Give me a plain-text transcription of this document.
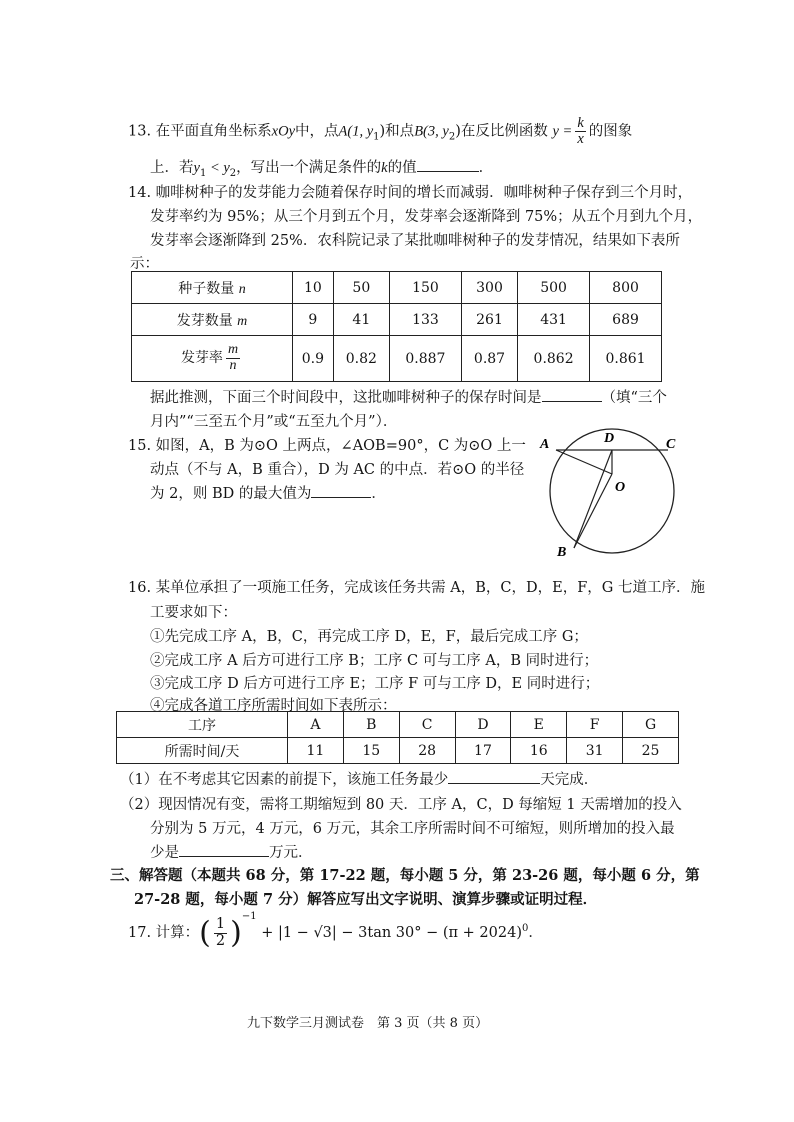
13. 在平面直角坐标系xOy中，点A(1, $y_1$)和点B(3, $y_2$)在反比例函数 $y = \frac{k}{x}$ 的图象
上．若$y_1 < y_2$，写出一个满足条件的k的值	．
14. 咖啡树种子的发芽能力会随着保存时间的增长而减弱．咖啡树种子保存到三个月时，
发芽率约为 95%；从三个月到五个月，发芽率会逐渐降到 75%；从五个月到九个月，
发芽率会逐渐降到 25%．农科院记录了某批咖啡树种子的发芽情况，结果如下表所
示：
种子数量 n	10	50	150	300	500	800
发芽数量 m	9	41	133	261	431	689
发芽率 $\frac{m}{n}$	0.9	0.82	0.887	0.87	0.862	0.861
据此推测，下面三个时间段中，这批咖啡树种子的保存时间是	（填“三个
月内”“三至五个月”或“五至九个月”）．
15. 如图，A，B 为⊙O 上两点，∠AOB=90°，C 为⊙O 上一
动点（不与 A，B 重合），D 为 AC 的中点．若⊙O 的半径
为 2，则 BD 的最大值为	．
A	D	C
O
B
16. 某单位承担了一项施工任务，完成该任务共需 A，B，C，D，E，F，G 七道工序．施
工要求如下：
①先完成工序 A，B，C，再完成工序 D，E，F，最后完成工序 G；
②完成工序 A 后方可进行工序 B；工序 C 可与工序 A，B 同时进行；
③完成工序 D 后方可进行工序 E；工序 F 可与工序 D，E 同时进行；
④完成各道工序所需时间如下表所示：
工序	A	B	C	D	E	F	G
所需时间/天	11	15	28	17	16	31	25
（1）在不考虑其它因素的前提下，该施工任务最少	天完成．
（2）现因情况有变，需将工期缩短到 80 天．工序 A，C，D 每缩短 1 天需增加的投入
分别为 5 万元，4 万元，6 万元，其余工序所需时间不可缩短，则所增加的投入最
少是	万元．
三、解答题（本题共 68 分，第 17-22 题，每小题 5 分，第 23-26 题，每小题 6 分，第
27-28 题，每小题 7 分）解答应写出文字说明、演算步骤或证明过程．
17. 计算：( $\frac{1}{2} )^{-1} + |1 - √3| - 3\tan$ $30^\circ - (\pi + 2024)^0$．
九下数学三月测试卷　第 3 页（共 8 页）
